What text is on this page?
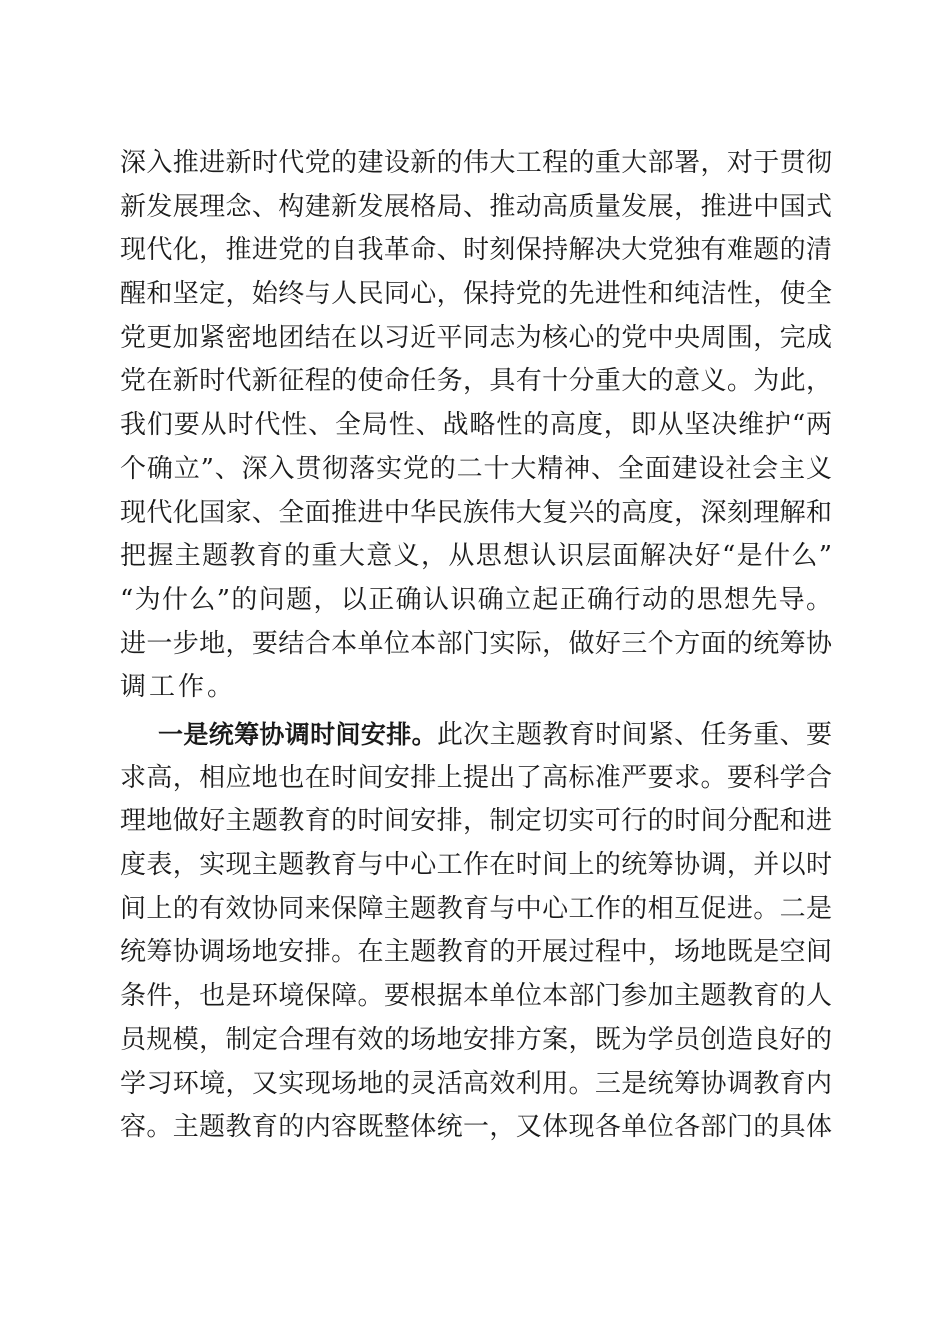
深入推进新时代党的建设新的伟大工程的重大部署，对于贯彻
新发展理念、构建新发展格局、推动高质量发展，推进中国式
现代化，推进党的自我革命、时刻保持解决大党独有难题的清
醒和坚定，始终与人民同心，保持党的先进性和纯洁性，使全
党更加紧密地团结在以习近平同志为核心的党中央周围，完成
党在新时代新征程的使命任务，具有十分重大的意义。为此，
我们要从时代性、全局性、战略性的高度，即从坚决维护“两
个确立”、深入贯彻落实党的二十大精神、全面建设社会主义
现代化国家、全面推进中华民族伟大复兴的高度，深刻理解和
把握主题教育的重大意义，从思想认识层面解决好“是什么”
“为什么”的问题，以正确认识确立起正确行动的思想先导。
进一步地，要结合本单位本部门实际，做好三个方面的统筹协
调工作。
一是统筹协调时间安排。此次主题教育时间紧、任务重、要
求高，相应地也在时间安排上提出了高标准严要求。要科学合
理地做好主题教育的时间安排，制定切实可行的时间分配和进
度表，实现主题教育与中心工作在时间上的统筹协调，并以时
间上的有效协同来保障主题教育与中心工作的相互促进。二是
统筹协调场地安排。在主题教育的开展过程中，场地既是空间
条件，也是环境保障。要根据本单位本部门参加主题教育的人
员规模，制定合理有效的场地安排方案，既为学员创造良好的
学习环境，又实现场地的灵活高效利用。三是统筹协调教育内
容。主题教育的内容既整体统一，又体现各单位各部门的具体
